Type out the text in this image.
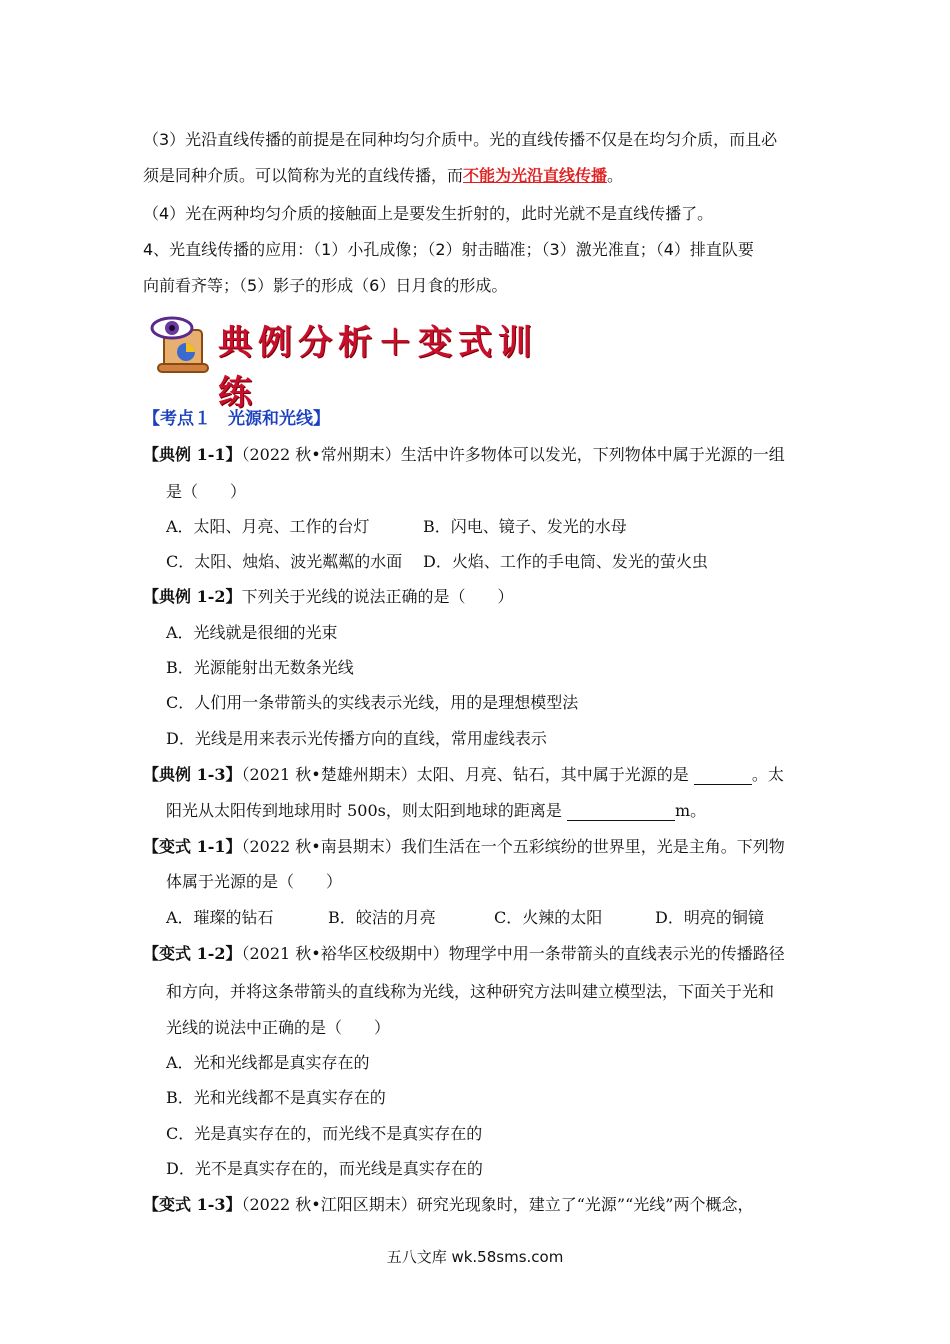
（3）光沿直线传播的前提是在同种均匀介质中。光的直线传播不仅是在均匀介质，而且必
须是同种介质。可以简称为光的直线传播，而不能为光沿直线传播。
（4）光在两种均匀介质的接触面上是要发生折射的，此时光就不是直线传播了。
4、光直线传播的应用：（1）小孔成像；（2）射击瞄准；（3）激光准直；（4）排直队要
向前看齐等；（5）影子的形成（6）日月食的形成。
典例分析＋变式训练
【考点１　光源和光线】
【典例 1-1】（2022 秋•常州期末）生活中许多物体可以发光，下列物体中属于光源的一组
是（　　）
A．太阳、月亮、工作的台灯	B．闪电、镜子、发光的水母
C．太阳、烛焰、波光粼粼的水面 D．火焰、工作的手电筒、发光的萤火虫
【典例 1-2】下列关于光线的说法正确的是（　　）
A．光线就是很细的光束
B．光源能射出无数条光线
C．人们用一条带箭头的实线表示光线，用的是理想模型法
D．光线是用来表示光传播方向的直线，常用虚线表示
【典例 1-3】（2021 秋•楚雄州期末）太阳、月亮、钻石，其中属于光源的是	。太
阳光从太阳传到地球用时 500s，则太阳到地球的距离是	m。
【变式 1-1】（2022 秋•南县期末）我们生活在一个五彩缤纷的世界里，光是主角。下列物
体属于光源的是（　　）
A．璀璨的钻石	B．皎洁的月亮	C．火辣的太阳	D．明亮的铜镜
【变式 1-2】（2021 秋•裕华区校级期中）物理学中用一条带箭头的直线表示光的传播路径
和方向，并将这条带箭头的直线称为光线，这种研究方法叫建立模型法，下面关于光和
光线的说法中正确的是（　　）
A．光和光线都是真实存在的
B．光和光线都不是真实存在的
C．光是真实存在的，而光线不是真实存在的
D．光不是真实存在的，而光线是真实存在的
【变式 1-3】（2022 秋•江阳区期末）研究光现象时，建立了“光源”“光线”两个概念，
五八文库 wk.58sms.com
